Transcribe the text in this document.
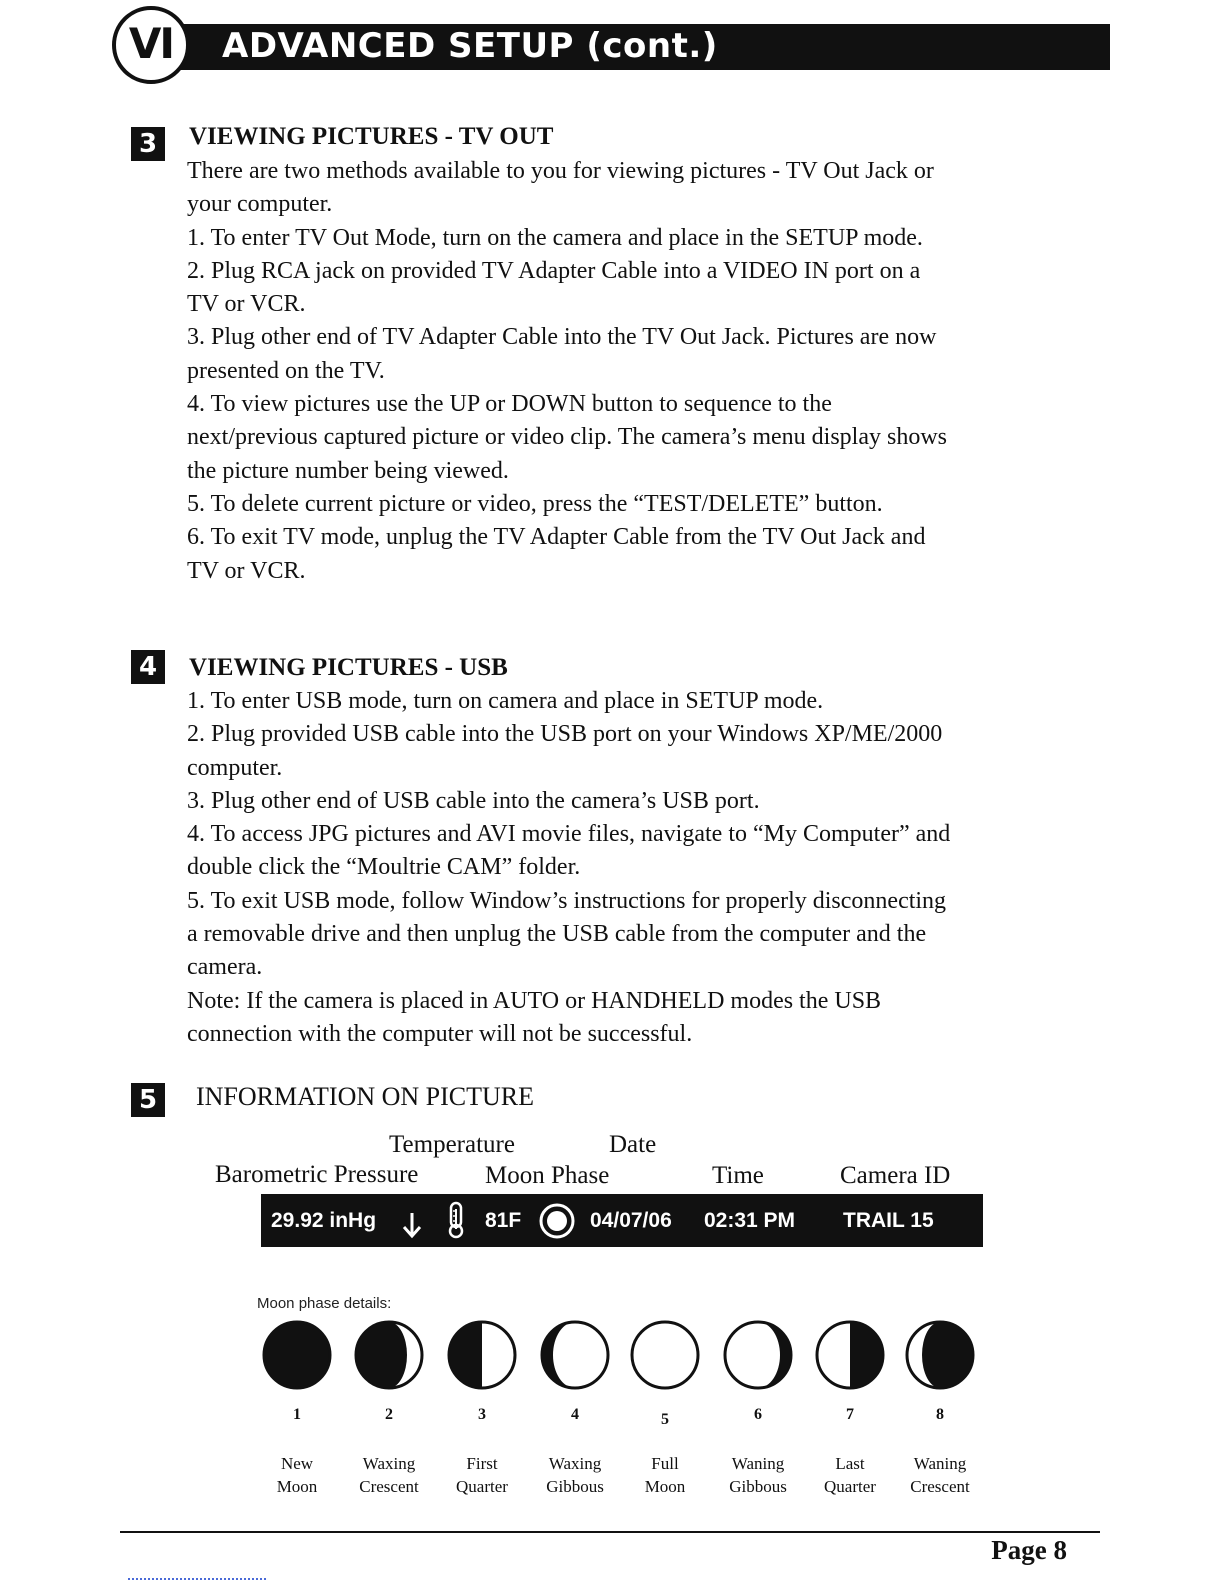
ADVANCED SETUP (cont.)
VI
3	VIEWING PICTURES - TV OUT

There are two methods available to you for viewing pictures - TV Out Jack or

your computer.

1. To enter TV Out Mode, turn on the camera and place in the SETUP mode.

2. Plug RCA jack on provided TV Adapter Cable into a VIDEO IN port on a

TV or VCR.

3. Plug other end of TV Adapter Cable into the TV Out Jack. Pictures are now

presented on the TV.

4. To view pictures use the UP or DOWN button to sequence to the

next/previous captured picture or video clip. The camera’s menu display shows

the picture number being viewed.

5. To delete current picture or video, press the “TEST/DELETE” button.

6. To exit TV mode, unplug the TV Adapter Cable from the TV Out Jack and

TV or VCR.

4	VIEWING PICTURES - USB

1. To enter USB mode, turn on camera and place in SETUP mode.

2. Plug provided USB cable into the USB port on your Windows XP/ME/2000

computer.

3. Plug other end of USB cable into the camera’s USB port.

4. To access JPG pictures and AVI movie files, navigate to “My Computer” and

double click the “Moultrie CAM” folder.

5. To exit USB mode, follow Window’s instructions for properly disconnecting

a removable drive and then unplug the USB cable from the computer and the

camera.

Note: If the camera is placed in AUTO or HANDHELD modes the USB

connection with the computer will not be successful.

5	INFORMATION ON PICTURE
Temperature	Date
Barometric Pressure	Moon Phase	Time	Camera ID
29.92 inHg	81F	04/07/06 02:31 PM TRAIL 15
Moon phase details:
1
New
Moon
2
Waxing
Crescent
3
First
Quarter
4
Waxing
Gibbous
5
Full
Moon
6
Waning
Gibbous
7
Last
Quarter
8
Waning
Crescent
Page 8
